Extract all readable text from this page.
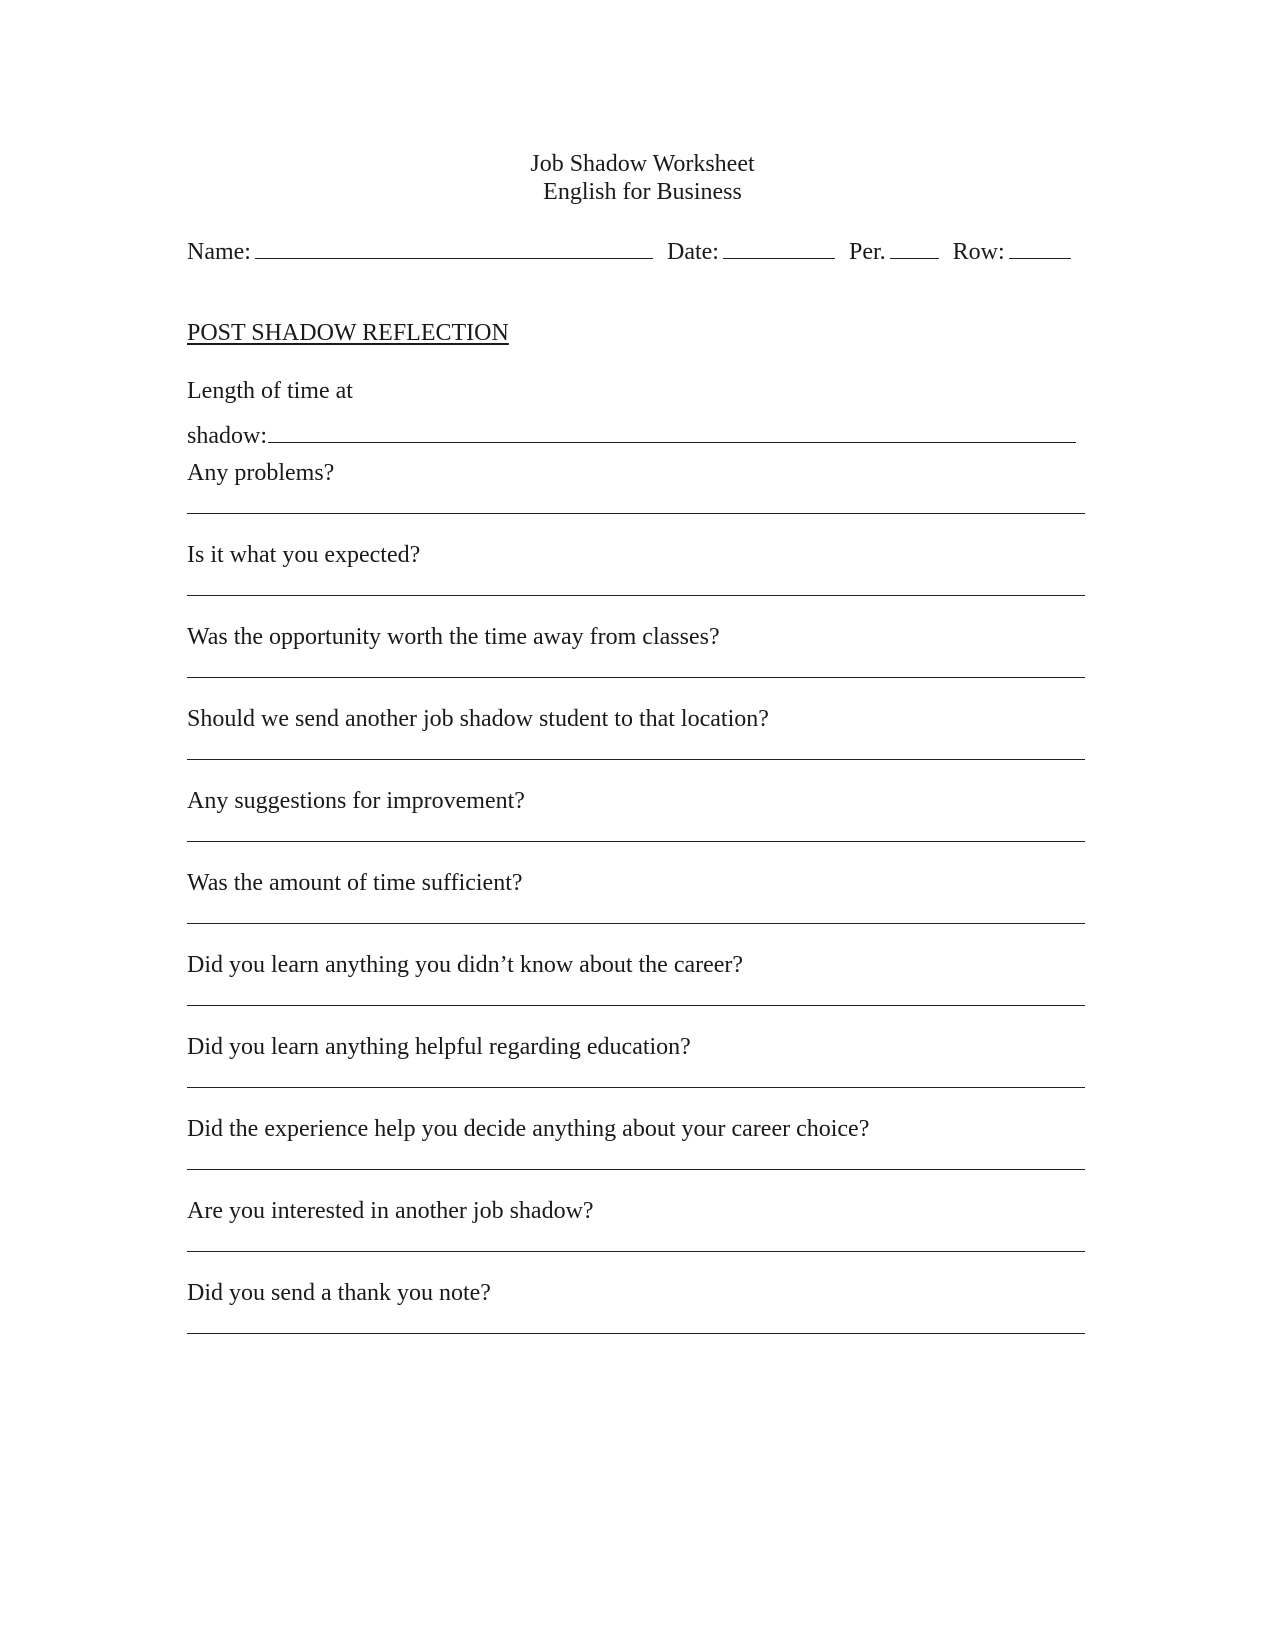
Job Shadow Worksheet
English for Business
Name:	Date:	Per.	Row:
POST SHADOW REFLECTION
Length of time at
shadow:
Any problems?
Is it what you expected?
Was the opportunity worth the time away from classes?
Should we send another job shadow student to that location?
Any suggestions for improvement?
Was the amount of time sufficient?
Did you learn anything you didn’t know about the career?
Did you learn anything helpful regarding education?
Did the experience help you decide anything about your career choice?
Are you interested in another job shadow?
Did you send a thank you note?
